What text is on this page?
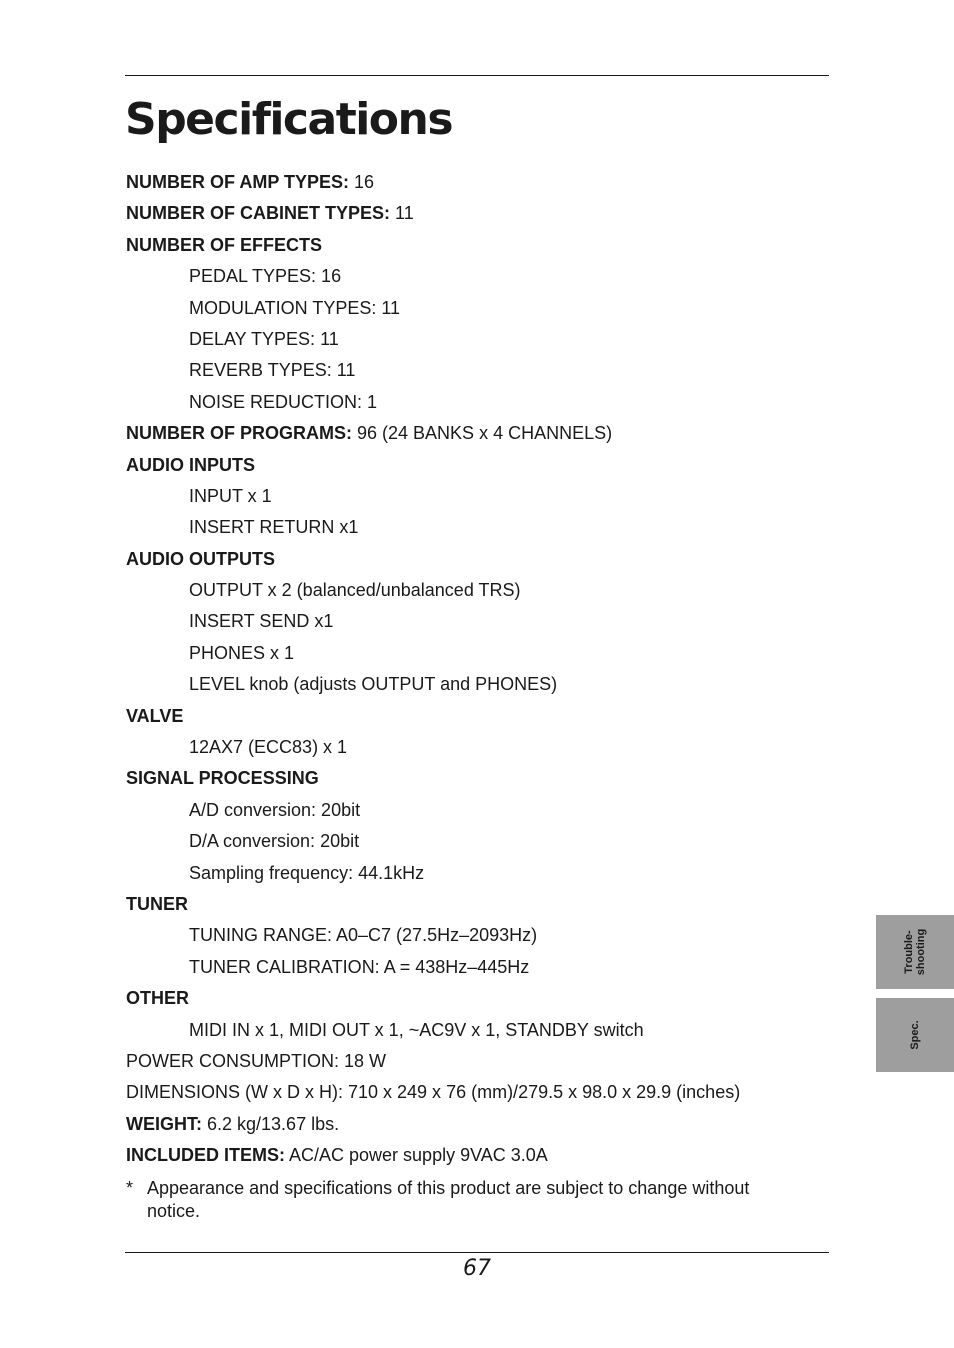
Specifications
NUMBER OF AMP TYPES: 16
NUMBER OF CABINET TYPES: 11
NUMBER OF EFFECTS
PEDAL TYPES: 16
MODULATION TYPES: 11
DELAY TYPES: 11
REVERB TYPES: 11
NOISE REDUCTION: 1
NUMBER OF PROGRAMS: 96 (24 BANKS x 4 CHANNELS)
AUDIO INPUTS
INPUT x 1
INSERT RETURN x1
AUDIO OUTPUTS
OUTPUT x 2 (balanced/unbalanced TRS)
INSERT SEND x1
PHONES x 1
LEVEL knob (adjusts OUTPUT and PHONES)
VALVE
12AX7 (ECC83) x 1
SIGNAL PROCESSING
A/D conversion: 20bit
D/A conversion: 20bit
Sampling frequency: 44.1kHz
TUNER
TUNING RANGE: A0–C7 (27.5Hz–2093Hz)
TUNER CALIBRATION: A = 438Hz–445Hz
OTHER
MIDI IN x 1, MIDI OUT x 1, ~AC9V x 1, STANDBY switch
POWER CONSUMPTION: 18 W
DIMENSIONS (W x D x H): 710 x 249 x 76 (mm)/279.5 x 98.0 x 29.9 (inches)
WEIGHT: 6.2 kg/13.67 lbs.
INCLUDED ITEMS: AC/AC power supply 9VAC 3.0A
* Appearance and specifications of this product are subject to change without notice.
67
Trouble- shooting
Spec.
